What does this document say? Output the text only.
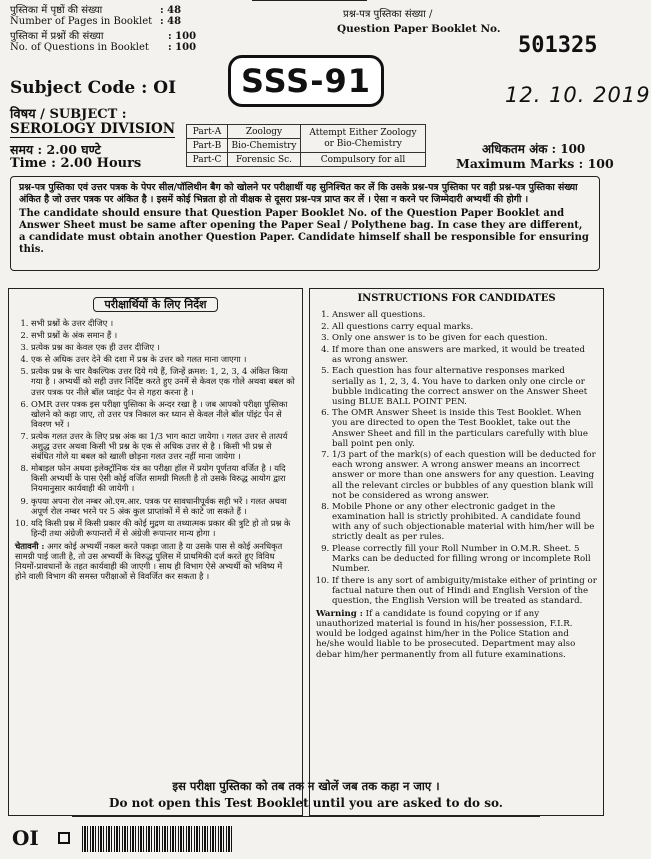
पुस्तिका में पृष्ठों की संख्या	: 48
Number of Pages in Booklet : 48
पुस्तिका में प्रश्नों की संख्या	: 100
No. of Questions in Booklet : 100
प्रश्न-पत्र पुस्तिका संख्या /
Question Paper Booklet No.
501325
12. 10. 2019
Subject Code : OI SSS-91
विषय / SUBJECT :
SEROLOGY DIVISION
समय : 2.00 घण्टे
Time : 2.00 Hours
Part-A	Zoology	Attempt Either Zoology or Bio-Chemistry
Part-B	Bio-Chemistry	
Part-C	Forensic Sc.	Compulsory for all
अधिकतम अंक : 100
Maximum Marks : 100
प्रश्न-पत्र पुस्तिका एवं उत्तर पत्रक के पेपर सील/पॉलिथीन बैग को खोलने पर परीक्षार्थी यह सुनिश्चित कर लें कि उसके प्रश्न-पत्र पुस्तिका पर वही प्रश्न-पत्र पुस्तिका संख्या अंकित है जो उत्तर पत्रक पर अंकित है । इसमें कोई भिन्नता हो तो वीक्षक से दूसरा प्रश्न-पत्र प्राप्त कर लें । ऐसा न करने पर जिम्मेदारी अभ्यर्थी की होगी ।
The candidate should ensure that Question Paper Booklet No. of the Question Paper Booklet and Answer Sheet must be same after opening the Paper Seal / Polythene bag. In case they are different, a candidate must obtain another Question Paper. Candidate himself shall be responsible for ensuring this.
परीक्षार्थियों के लिए निर्देश
1. सभी प्रश्नों के उत्तर दीजिए ।
2. सभी प्रश्नों के अंक समान हैं ।
3. प्रत्येक प्रश्न का केवल एक ही उत्तर दीजिए ।
4. एक से अधिक उत्तर देने की दशा में प्रश्न के उत्तर को गलत माना जाएगा ।
5. प्रत्येक प्रश्न के चार वैकल्पिक उत्तर दिये गये हैं, जिन्हें क्रमश: 1, 2, 3, 4 अंकित किया गया है । अभ्यर्थी को सही उत्तर निर्दिष्ट करते हुए उनमें से केवल एक गोले अथवा बबल को उत्तर पत्रक पर नीले बॉल प्वाइंट पेन से गहरा करना है ।
6. OMR उत्तर पत्रक इस परीक्षा पुस्तिका के अन्दर रखा है । जब आपको परीक्षा पुस्तिका खोलने को कहा जाए, तो उत्तर पत्र निकाल कर ध्यान से केवल नीले बॉल पॉइंट पेन से विवरण भरें ।
7. प्रत्येक गलत उत्तर के लिए प्रश्न अंक का 1/3 भाग काटा जायेगा । गलत उत्तर से तात्पर्य अशुद्ध उत्तर अथवा किसी भी प्रश्न के एक से अधिक उत्तर से है । किसी भी प्रश्न से संबंधित गोले या बबल को खाली छोड़ना गलत उत्तर नहीं माना जायेगा ।
8. मोबाइल फोन अथवा इलेक्ट्रॉनिक यंत्र का परीक्षा हॉल में प्रयोग पूर्णतया वर्जित है । यदि किसी अभ्यर्थी के पास ऐसी कोई वर्जित सामग्री मिलती है तो उसके विरुद्ध आयोग द्वारा नियमानुसार कार्यवाही की जायेगी ।
9. कृपया अपना रोल नम्बर ओ.एम.आर. पत्रक पर सावधानीपूर्वक सही भरें । गलत अथवा अपूर्ण रोल नम्बर भरने पर 5 अंक कुल प्राप्तांकों में से काटे जा सकते हैं ।
10. यदि किसी प्रश्न में किसी प्रकार की कोई मुद्रण या तथ्यात्मक प्रकार की त्रुटि हो तो प्रश्न के हिन्दी तथा अंग्रेजी रूपान्तरों में से अंग्रेजी रूपान्तर मान्य होगा ।
चेतावनी : अगर कोई अभ्यर्थी नकल करते पकड़ा जाता है या उसके पास से कोई अनधिकृत सामग्री पाई जाती है, तो उस अभ्यर्थी के विरुद्ध पुलिस में प्राथमिकी दर्ज करते हुए विविध नियमों-प्रावधानों के तहत कार्यवाही की जाएगी । साथ ही विभाग ऐसे अभ्यर्थी को भविष्य में होने वाली विभाग की समस्त परीक्षाओं से विवर्जित कर सकता है ।
INSTRUCTIONS FOR CANDIDATES
1. Answer all questions.
2. All questions carry equal marks.
3. Only one answer is to be given for each question.
4. If more than one answers are marked, it would be treated as wrong answer.
5. Each question has four alternative responses marked serially as 1, 2, 3, 4. You have to darken only one circle or bubble indicating the correct answer on the Answer Sheet using BLUE BALL POINT PEN.
6. The OMR Answer Sheet is inside this Test Booklet. When you are directed to open the Test Booklet, take out the Answer Sheet and fill in the particulars carefully with blue ball point pen only.
7. 1/3 part of the mark(s) of each question will be deducted for each wrong answer. A wrong answer means an incorrect answer or more than one answers for any question. Leaving all the relevant circles or bubbles of any question blank will not be considered as wrong answer.
8. Mobile Phone or any other electronic gadget in the examination hall is strictly prohibited. A candidate found with any of such objectionable material with him/her will be strictly dealt as per rules.
9. Please correctly fill your Roll Number in O.M.R. Sheet. 5 Marks can be deducted for filling wrong or incomplete Roll Number.
10. If there is any sort of ambiguity/mistake either of printing or factual nature then out of Hindi and English Version of the question, the English Version will be treated as standard.
Warning : If a candidate is found copying or if any unauthorized material is found in his/her possession, F.I.R. would be lodged against him/her in the Police Station and he/she would liable to be prosecuted. Department may also debar him/her permanently from all future examinations.
इस परीक्षा पुस्तिका को तब तक न खोलें जब तक कहा न जाए ।
Do not open this Test Booklet until you are asked to do so.
OI
